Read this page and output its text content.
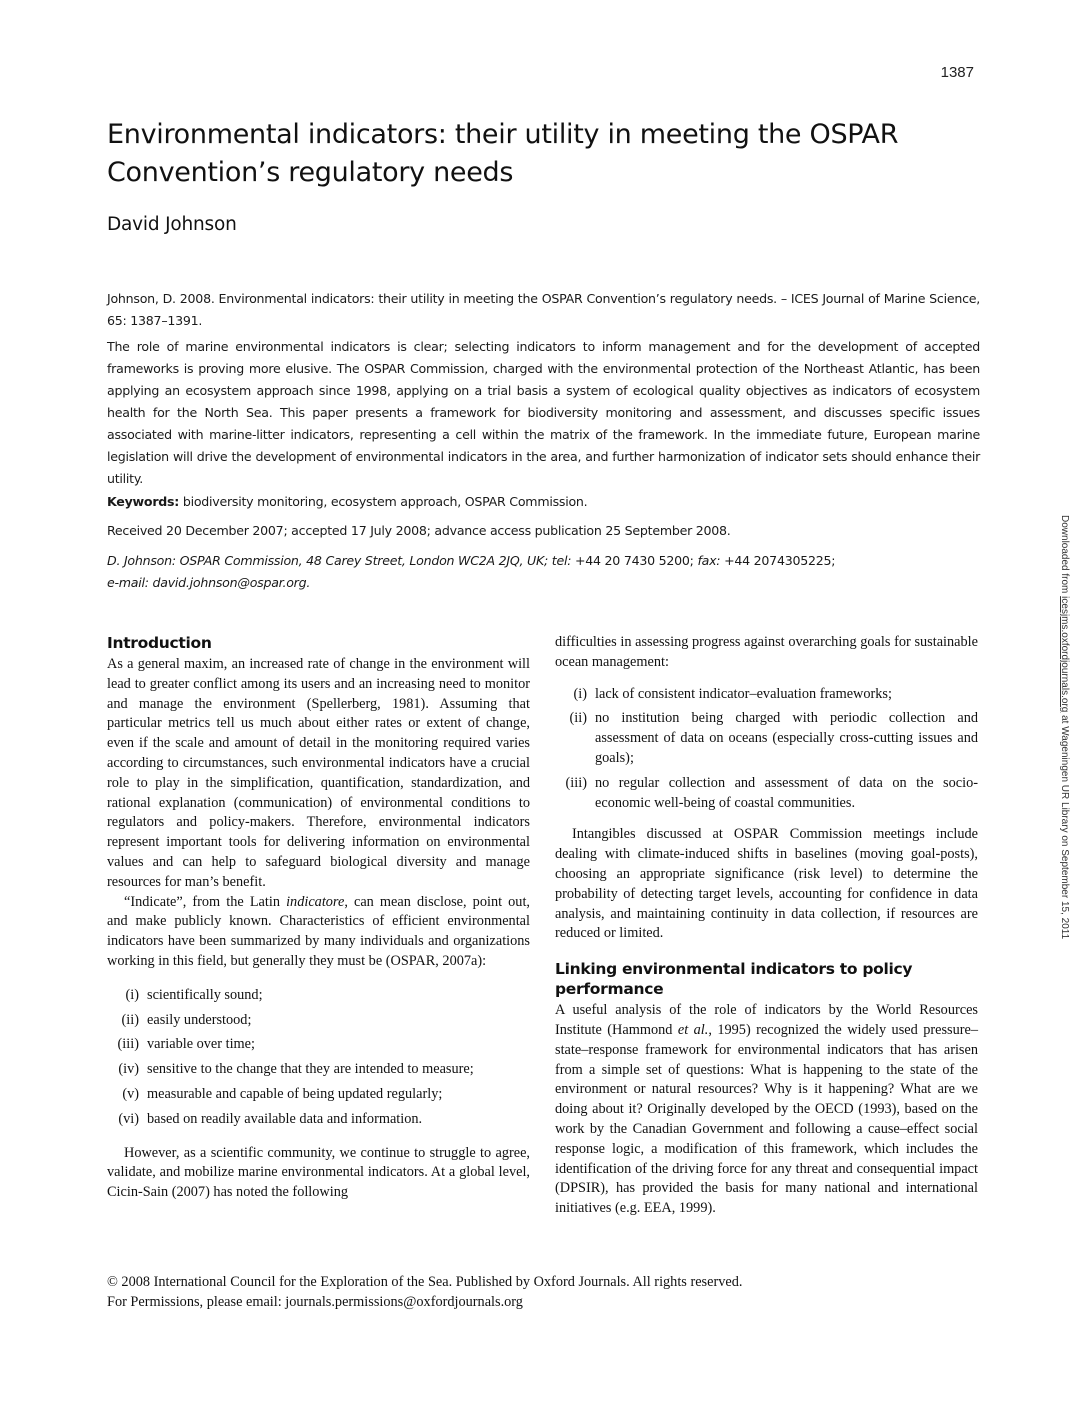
1387
Environmental indicators: their utility in meeting the OSPAR Convention’s regulatory needs
David Johnson

Johnson, D. 2008. Environmental indicators: their utility in meeting the OSPAR Convention’s regulatory needs. – ICES Journal of Marine Science, 65: 1387–1391.

The role of marine environmental indicators is clear; selecting indicators to inform management and for the development of accepted frameworks is proving more elusive. The OSPAR Commission, charged with the environmental protection of the Northeast Atlantic, has been applying an ecosystem approach since 1998, applying on a trial basis a system of ecological quality objectives as indicators of ecosystem health for the North Sea. This paper presents a framework for biodiversity monitoring and assessment, and discusses specific issues associated with marine-litter indicators, representing a cell within the matrix of the framework. In the immediate future, European marine legislation will drive the development of environmental indicators in the area, and further harmonization of indicator sets should enhance their utility.

Keywords: biodiversity monitoring, ecosystem approach, OSPAR Commission.

Received 20 December 2007; accepted 17 July 2008; advance access publication 25 September 2008.

D. Johnson: OSPAR Commission, 48 Carey Street, London WC2A 2JQ, UK; tel: +44 20 7430 5200; fax: +44 2074305225;
e-mail: david.johnson@ospar.org.

Introduction

As a general maxim, an increased rate of change in the environment will lead to greater conflict among its users and an increasing need to monitor and manage the environment (Spellerberg, 1981). Assuming that particular metrics tell us much about either rates or extent of change, even if the scale and amount of detail in the monitoring required varies according to circumstances, such environmental indicators have a crucial role to play in the simplification, quantification, standardization, and rational explanation (communication) of environmental conditions to regulators and policy-makers. Therefore, environmental indicators represent important tools for delivering information on environmental values and can help to safeguard biological diversity and manage resources for man’s benefit.

“Indicate”, from the Latin indicatore, can mean disclose, point out, and make publicly known. Characteristics of efficient environmental indicators have been summarized by many individuals and organizations working in this field, but generally they must be (OSPAR, 2007a):

(i) scientifically sound;
(ii) easily understood;
(iii) variable over time;
(iv) sensitive to the change that they are intended to measure;
(v) measurable and capable of being updated regularly;
(vi) based on readily available data and information.

However, as a scientific community, we continue to struggle to agree, validate, and mobilize marine environmental indicators. At a global level, Cicin-Sain (2007) has noted the following

difficulties in assessing progress against overarching goals for sustainable ocean management:

(i) lack of consistent indicator–evaluation frameworks;
(ii) no institution being charged with periodic collection and assessment of data on oceans (especially cross-cutting issues and goals);
(iii) no regular collection and assessment of data on the socio-economic well-being of coastal communities.

Intangibles discussed at OSPAR Commission meetings include dealing with climate-induced shifts in baselines (moving goal-posts), choosing an appropriate significance (risk level) to determine the probability of detecting target levels, accounting for confidence in data analysis, and maintaining continuity in data collection, if resources are reduced or limited.

Linking environmental indicators to policy performance

A useful analysis of the role of indicators by the World Resources Institute (Hammond et al., 1995) recognized the widely used pressure–state–response framework for environmental indicators that has arisen from a simple set of questions: What is happening to the state of the environment or natural resources? Why is it happening? What are we doing about it? Originally developed by the OECD (1993), based on the work by the Canadian Government and following a cause–effect social response logic, a modification of this framework, which includes the identification of the driving force for any threat and consequential impact (DPSIR), has provided the basis for many national and international initiatives (e.g. EEA, 1999).

© 2008 International Council for the Exploration of the Sea. Published by Oxford Journals. All rights reserved.
For Permissions, please email: journals.permissions@oxfordjournals.org
Downloaded from icesjms.oxfordjournals.org at Wageningen UR Library on September 15, 2011
